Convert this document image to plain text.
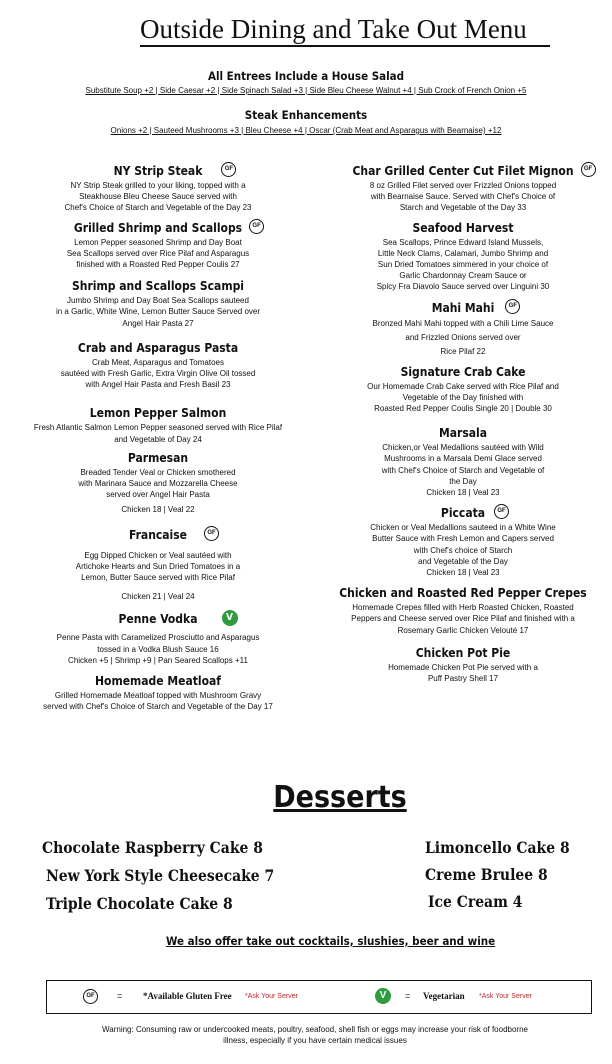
Outside Dining and Take Out Menu
All Entrees Include a House Salad
Substitute Soup +2 | Side Caesar +2 | Side Spinach Salad +3 | Side Bleu Cheese Walnut +4 | Sub Crock of French Onion +5
Steak Enhancements
Onions +2 | Sauteed Mushrooms +3 | Bleu Cheese +4 | Oscar (Crab Meat and Asparagus with Bearnaise) +12
NY Strip Steak	GF
NY Strip Steak grilled to your liking, topped with a
Steakhouse Bleu Cheese Sauce served with
Chef's Choice of Starch and Vegetable of the Day 23
Grilled Shrimp and Scallops	GF
Lemon Pepper seasoned Shrimp and Day Boat
Sea Scallops served over Rice Pilaf and Asparagus
finished with a Roasted Red Pepper Coulis 27
Shrimp and Scallops Scampi
Jumbo Shrimp and Day Boat Sea Scallops sauteed
in a Garlic, White Wine, Lemon Butter Sauce Served over
Angel Hair Pasta 27
Crab and Asparagus Pasta
Crab Meat, Asparagus and Tomatoes
sautéed with Fresh Garlic, Extra Virgin Olive Oil tossed
with Angel Hair Pasta and Fresh Basil 23
Lemon Pepper Salmon
Fresh Atlantic Salmon Lemon Pepper seasoned served with Rice Pilaf
and Vegetable of Day 24
Parmesan
Breaded Tender Veal or Chicken smothered
with Marinara Sauce and Mozzarella Cheese
served over Angel Hair Pasta
Chicken 18 | Veal 22
Francaise	GF
Egg Dipped Chicken or Veal sautéed with
Artichoke Hearts and Sun Dried Tomatoes in a
Lemon, Butter Sauce served with Rice Pilaf
Chicken 21 | Veal 24
Penne Vodka	V
Penne Pasta with Caramelized Prosciutto and Asparagus
tossed in a Vodka Blush Sauce 16
Chicken +5 | Shrimp +9 | Pan Seared Scallops +11
Homemade Meatloaf
Grilled Homemade Meatloaf topped with Mushroom Gravy
served with Chef's Choice of Starch and Vegetable of the Day 17
Char Grilled Center Cut Filet Mignon	GF
8 oz Grilled Filet served over Frizzled Onions topped
with Bearnaise Sauce. Served with Chef's Choice of
Starch and Vegetable of the Day 33
Seafood Harvest
Sea Scallops, Prince Edward Island Mussels,
Little Neck Clams, Calamari, Jumbo Shrimp and
Sun Dried Tomatoes simmered in your choice of
Garlic Chardonnay Cream Sauce or
Spicy Fra Diavolo Sauce served over Linguini 30
Mahi Mahi	GF
Bronzed Mahi Mahi topped with a Chili Lime Sauce
and Frizzled Onions served over
Rice Pilaf 22
Signature Crab Cake
Our Homemade Crab Cake served with Rice Pilaf and
Vegetable of the Day finished with
Roasted Red Pepper Coulis Single 20 | Double 30
Marsala
Chicken,or Veal Medallions sautéed with Wild
Mushrooms in a Marsala Demi Glace served
with Chef's Choice of Starch and Vegetable of
the Day
Chicken 18 | Veal 23
Piccata	GF
Chicken or Veal Medallions sauteed in a White Wine
Butter Sauce with Fresh Lemon and Capers served
with Chef's choice of Starch
and Vegetable of the Day
Chicken 18 | Veal 23
Chicken and Roasted Red Pepper Crepes
Homemade Crepes filled with Herb Roasted Chicken, Roasted
Peppers and Cheese served over Rice Pilaf and finished with a
Rosemary Garlic Chicken Velouté 17
Chicken Pot Pie
Homemade Chicken Pot Pie served with a
Puff Pastry Shell 17
Desserts
Chocolate Raspberry Cake 8
New York Style Cheesecake 7
Triple Chocolate Cake 8
Limoncello Cake 8
Creme Brulee 8
Ice Cream 4
We also offer take out cocktails, slushies, beer and wine
GF	= *Available Gluten Free *Ask Your Server	V	= Vegetarian *Ask Your Server
Warning: Consuming raw or undercooked meats, poultry, seafood, shell fish or eggs may increase your risk of foodborne
illness, especially if you have certain medical issues
